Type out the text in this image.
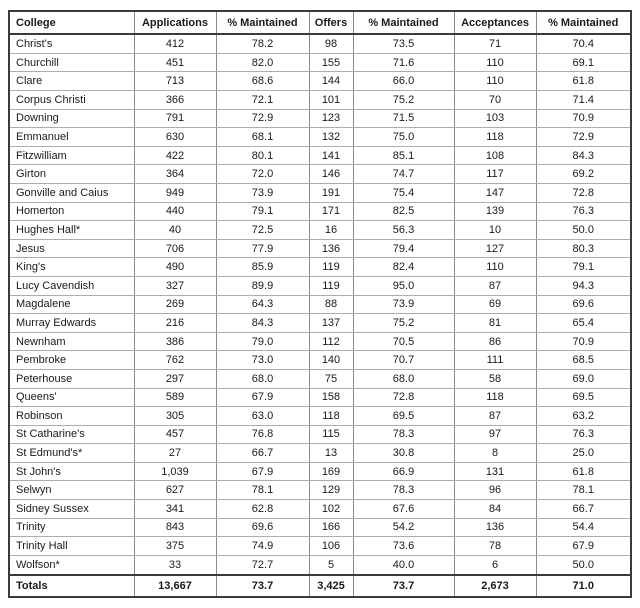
College	Applications	% Maintained	Offers	% Maintained	Acceptances	% Maintained
Christ's	412	78.2	98	73.5	71	70.4
Churchill	451	82.0	155	71.6	110	69.1
Clare	713	68.6	144	66.0	110	61.8
Corpus Christi	366	72.1	101	75.2	70	71.4
Downing	791	72.9	123	71.5	103	70.9
Emmanuel	630	68.1	132	75.0	118	72.9
Fitzwilliam	422	80.1	141	85.1	108	84.3
Girton	364	72.0	146	74.7	117	69.2
Gonville and Caius	949	73.9	191	75.4	147	72.8
Homerton	440	79.1	171	82.5	139	76.3
Hughes Hall*	40	72.5	16	56.3	10	50.0
Jesus	706	77.9	136	79.4	127	80.3
King's	490	85.9	119	82.4	110	79.1
Lucy Cavendish	327	89.9	119	95.0	87	94.3
Magdalene	269	64.3	88	73.9	69	69.6
Murray Edwards	216	84.3	137	75.2	81	65.4
Newnham	386	79.0	112	70.5	86	70.9
Pembroke	762	73.0	140	70.7	111	68.5
Peterhouse	297	68.0	75	68.0	58	69.0
Queens'	589	67.9	158	72.8	118	69.5
Robinson	305	63.0	118	69.5	87	63.2
St Catharine's	457	76.8	115	78.3	97	76.3
St Edmund's*	27	66.7	13	30.8	8	25.0
St John's	1,039	67.9	169	66.9	131	61.8
Selwyn	627	78.1	129	78.3	96	78.1
Sidney Sussex	341	62.8	102	67.6	84	66.7
Trinity	843	69.6	166	54.2	136	54.4
Trinity Hall	375	74.9	106	73.6	78	67.9
Wolfson*	33	72.7	5	40.0	6	50.0
Totals	13,667	73.7	3,425	73.7	2,673	71.0
